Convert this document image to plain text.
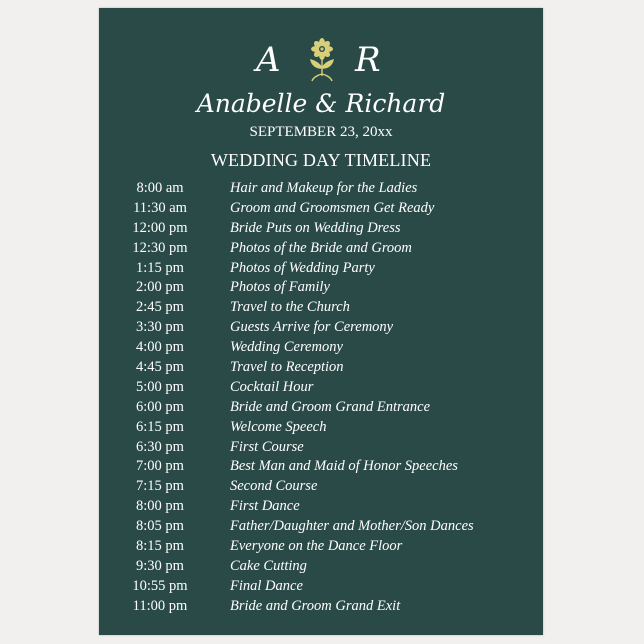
A R
Anabelle & Richard
SEPTEMBER 23, 20xx
WEDDING DAY TIMELINE
8:00 am	Hair and Makeup for the Ladies
11:30 am	Groom and Groomsmen Get Ready
12:00 pm	Bride Puts on Wedding Dress
12:30 pm	Photos of the Bride and Groom
1:15 pm	Photos of Wedding Party
2:00 pm	Photos of Family
2:45 pm	Travel to the Church
3:30 pm	Guests Arrive for Ceremony
4:00 pm	Wedding Ceremony
4:45 pm	Travel to Reception
5:00 pm	Cocktail Hour
6:00 pm	Bride and Groom Grand Entrance
6:15 pm	Welcome Speech
6:30 pm	First Course
7:00 pm	Best Man and Maid of Honor Speeches
7:15 pm	Second Course
8:00 pm	First Dance
8:05 pm	Father/Daughter and Mother/Son Dances
8:15 pm	Everyone on the Dance Floor
9:30 pm	Cake Cutting
10:55 pm	Final Dance
11:00 pm	Bride and Groom Grand Exit
